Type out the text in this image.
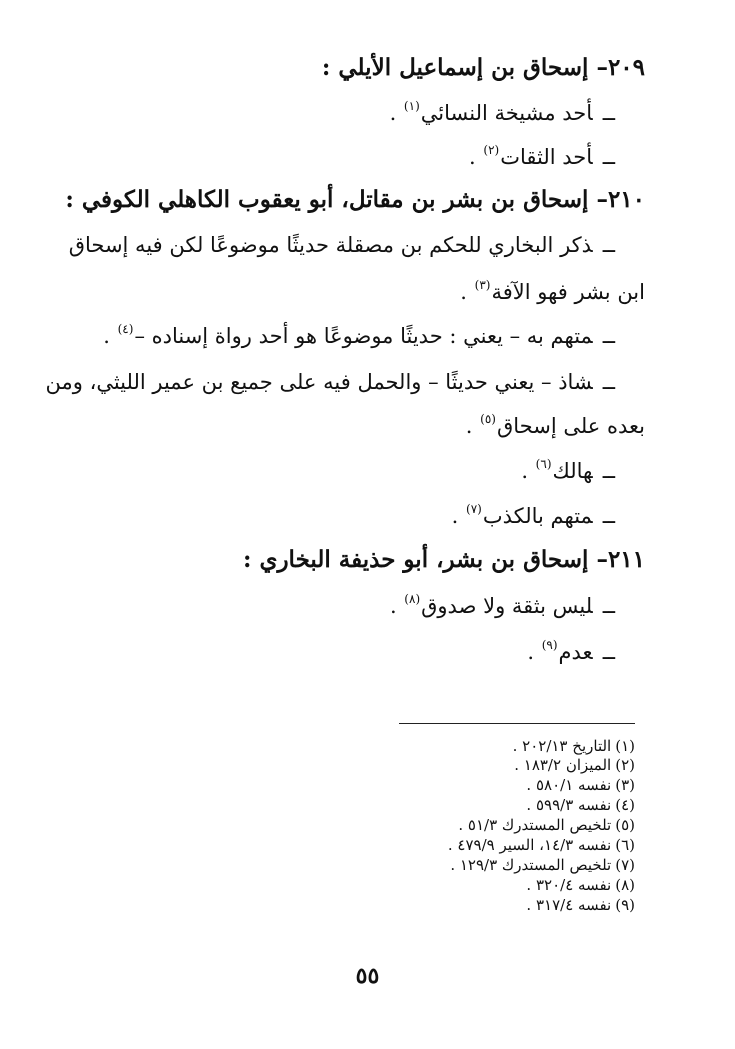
٢٠٩–إسحاق بن إسماعيل الأيلي :
ــأحد مشيخة النسائي$^{(١)}$ .
ــأحد الثقات$^{(٢)}$ .
٢١٠–إسحاق بن بشر بن مقاتل، أبو يعقوب الكاهلي الكوفي :
ــذكر البخاري للحكم بن مصقلة حديثًا موضوعًا لكن فيه إسحاق
ابن بشر فهو الآفة$^{(٣)}$ .
ــمتهم به – يعني : حديثًا موضوعًا هو أحد رواة إسناده –$^{(٤)}$ .
ــشاذ – يعني حديثًا – والحمل فيه على جميع بن عمير الليثي، ومن
بعده على إسحاق$^{(٥)}$ .
ــهالك$^{(٦)}$ .
ــمتهم بالكذب$^{(٧)}$ .
٢١١–إسحاق بن بشر، أبو حذيفة البخاري :
ــليس بثقة ولا صدوق$^{(٨)}$ .
ــعدم$^{(٩)}$ .
(١)التاريخ ٢٠٢/١٣ .
(٢)الميزان ١٨٣/٢ .
(٣)نفسه ٥٨٠/١ .
(٤)نفسه ٥٩٩/٣ .
(٥)تلخيص المستدرك ٥١/٣ .
(٦)نفسه ١٤/٣، السير ٤٧٩/٩ .
(٧)تلخيص المستدرك ١٢٩/٣ .
(٨)نفسه ٣٢٠/٤ .
(٩)نفسه ٣١٧/٤ .
٥٥
